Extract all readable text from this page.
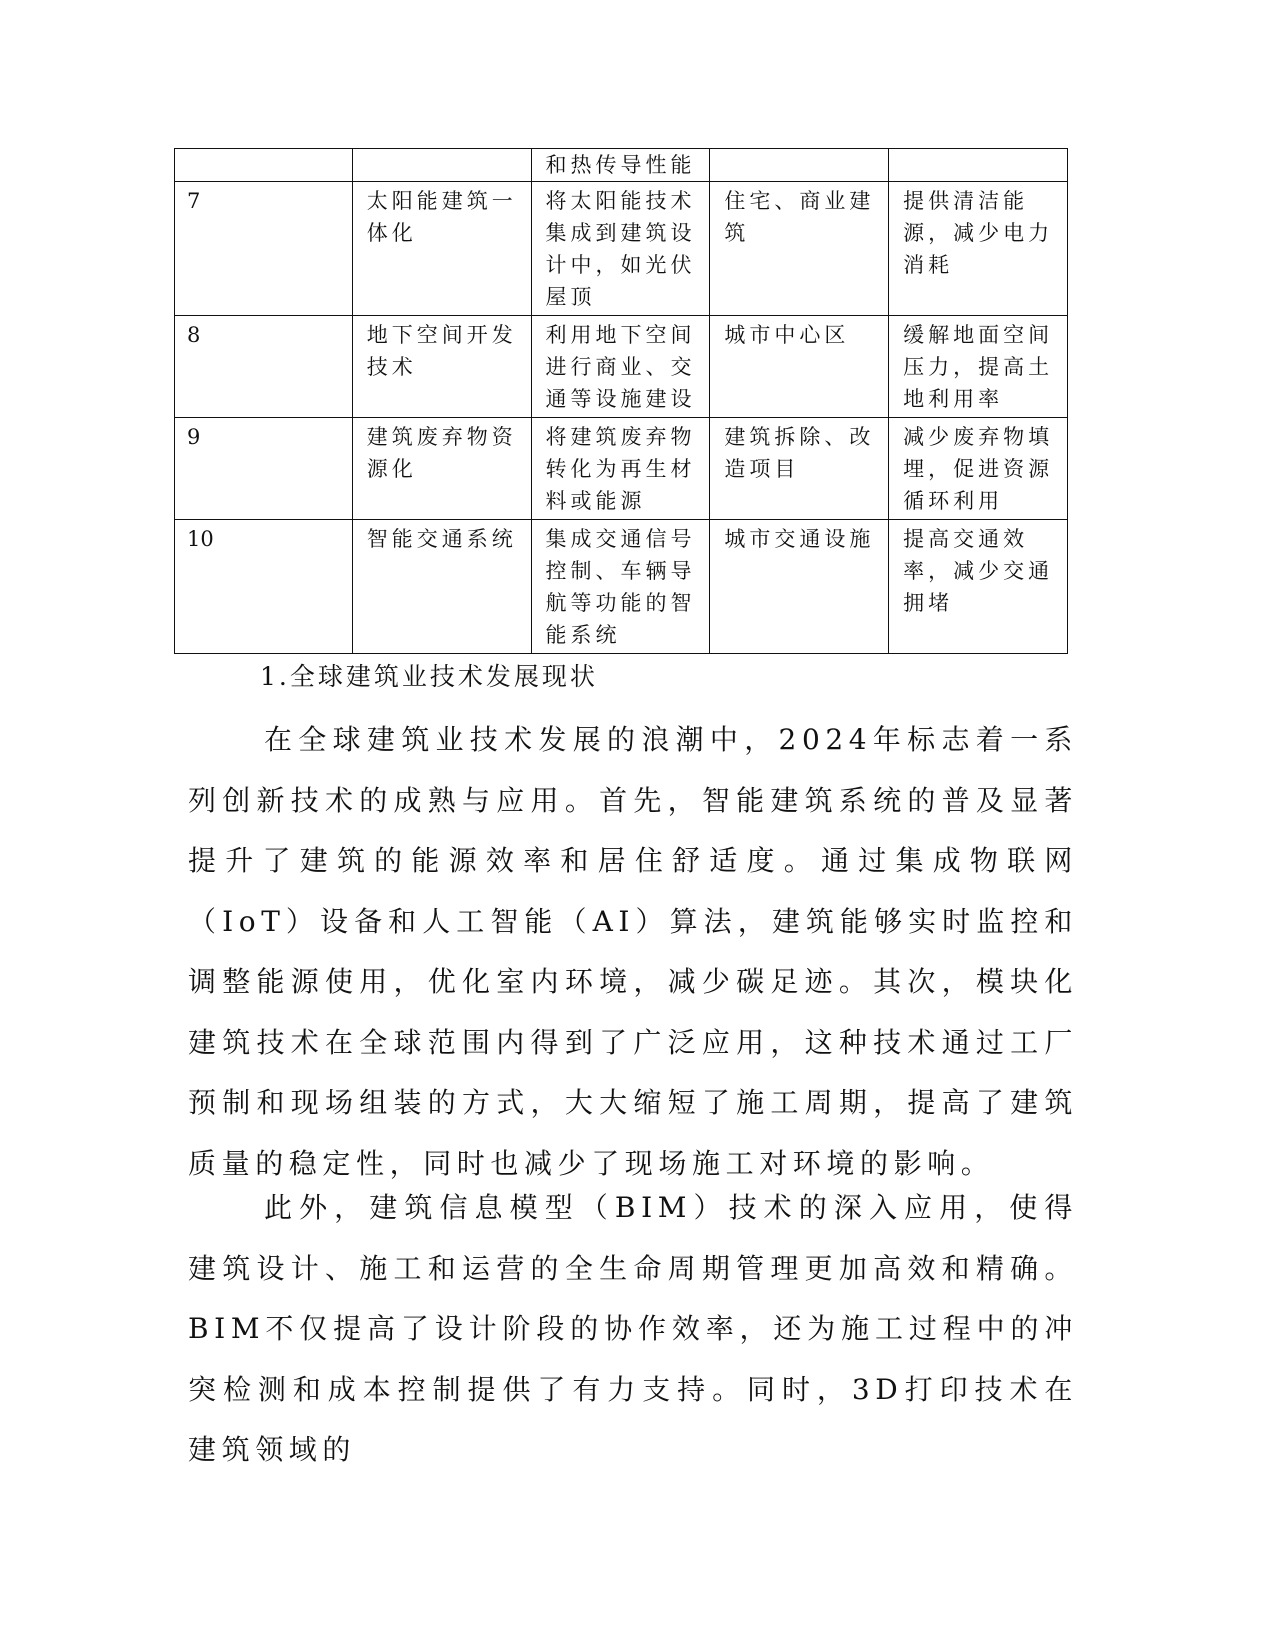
		和热传导性能		
7	太阳能建筑一体化	将太阳能技术集成到建筑设计中，如光伏屋顶	住宅、商业建筑	提供清洁能源，减少电力消耗
8	地下空间开发技术	利用地下空间进行商业、交通等设施建设	城市中心区	缓解地面空间压力，提高土地利用率
9	建筑废弃物资源化	将建筑废弃物转化为再生材料或能源	建筑拆除、改造项目	减少废弃物填埋，促进资源循环利用
10	智能交通系统	集成交通信号控制、车辆导航等功能的智能系统	城市交通设施	提高交通效率，减少交通拥堵
1.全球建筑业技术发展现状

在全球建筑业技术发展的浪潮中，2024年标志着一系列创新技术的成熟与应用。首先，智能建筑系统的普及显著提升了建筑的能源效率和居住舒适度。通过集成物联网（IoT）设备和人工智能（AI）算法，建筑能够实时监控和调整能源使用，优化室内环境，减少碳足迹。其次，模块化建筑技术在全球范围内得到了广泛应用，这种技术通过工厂预制和现场组装的方式，大大缩短了施工周期，提高了建筑质量的稳定性，同时也减少了现场施工对环境的影响。

此外，建筑信息模型（BIM）技术的深入应用，使得建筑设计、施工和运营的全生命周期管理更加高效和精确。BIM不仅提高了设计阶段的协作效率，还为施工过程中的冲突检测和成本控制提供了有力支持。同时，3D打印技术在建筑领域的
